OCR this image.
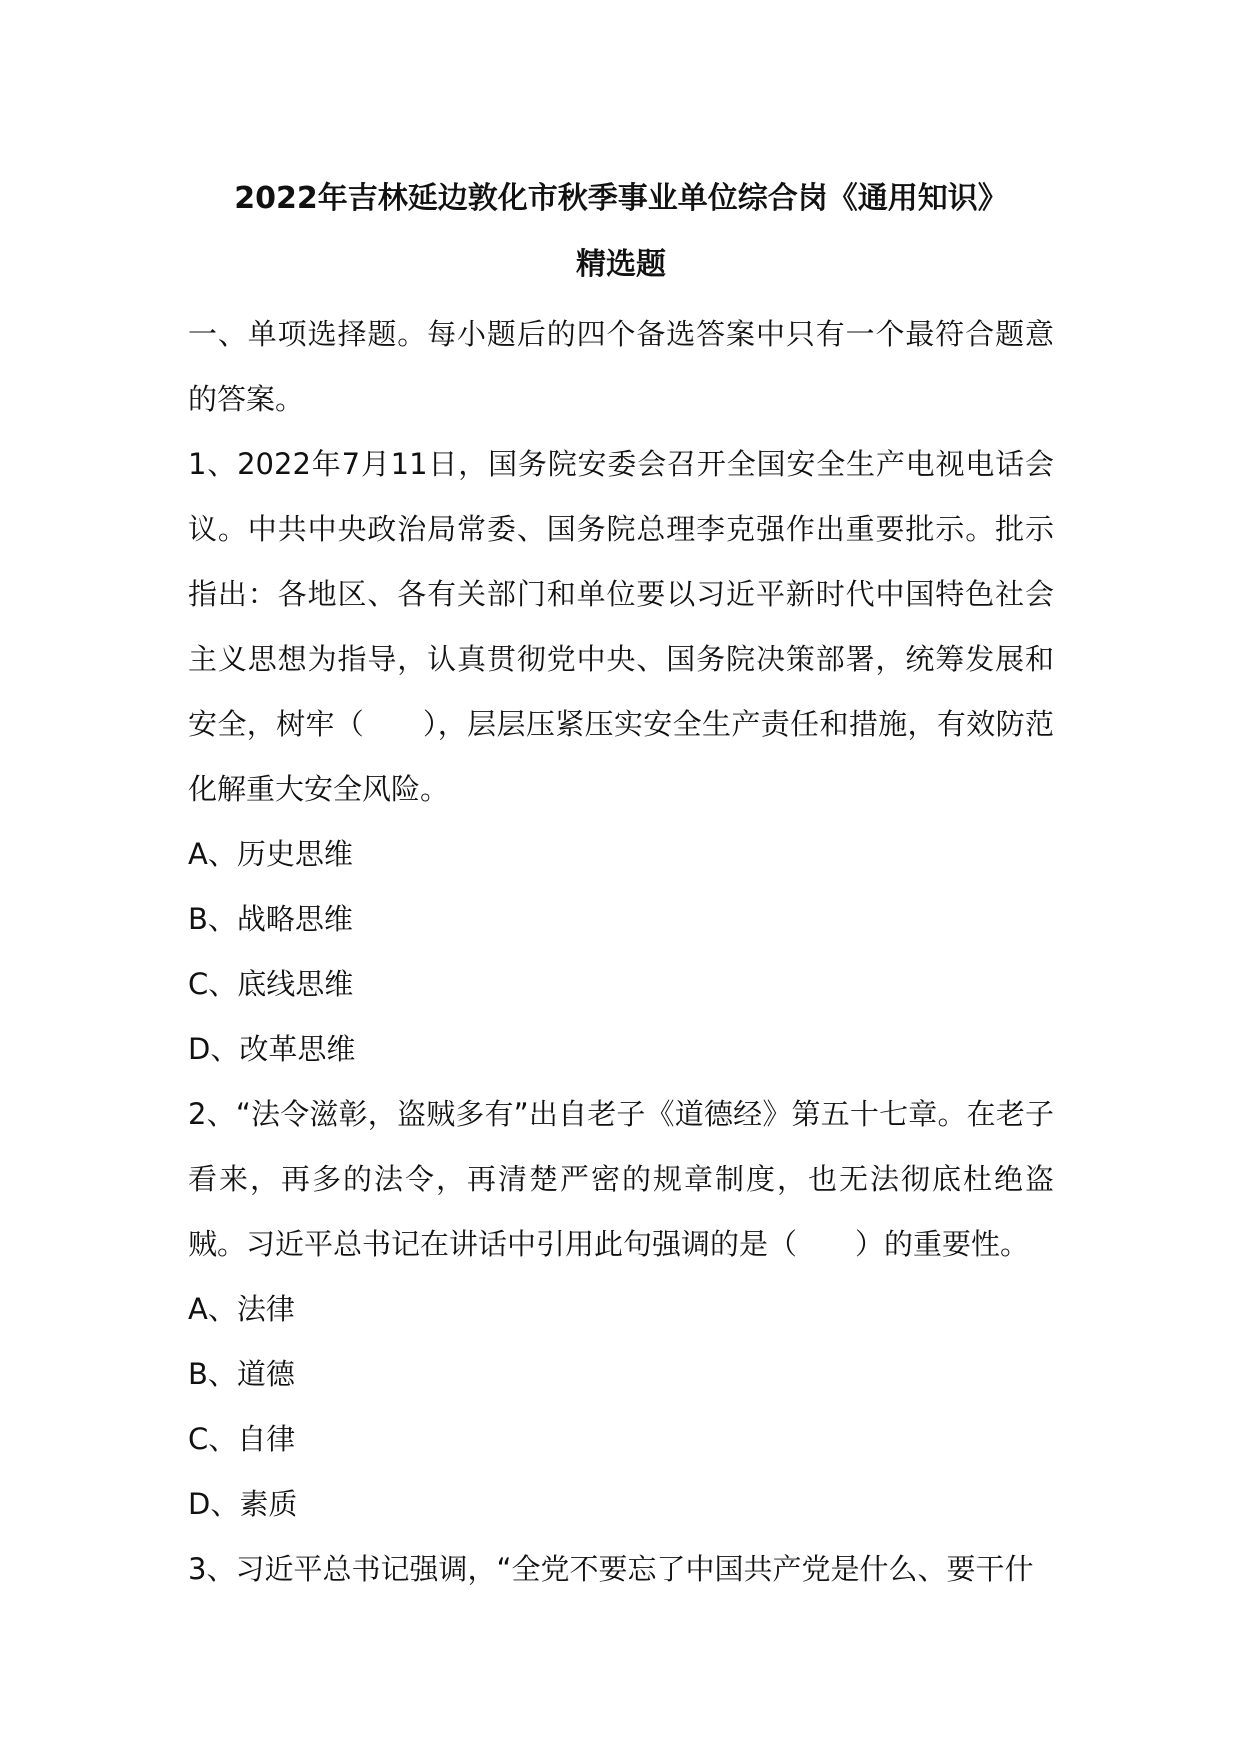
2022年吉林延边敦化市秋季事业单位综合岗《通用知识》
精选题

一、单项选择题。每小题后的四个备选答案中只有一个最符合题意的答案。

1、2022年7月11日，国务院安委会召开全国安全生产电视电话会议。中共中央政治局常委、国务院总理李克强作出重要批示。批示指出：各地区、各有关部门和单位要以习近平新时代中国特色社会主义思想为指导，认真贯彻党中央、国务院决策部署，统筹发展和安全，树牢（　　），层层压紧压实安全生产责任和措施，有效防范化解重大安全风险。

A、历史思维

B、战略思维

C、底线思维

D、改革思维

2、“法令滋彰，盗贼多有”出自老子《道德经》第五十七章。在老子看来，再多的法令，再清楚严密的规章制度，也无法彻底杜绝盗贼。习近平总书记在讲话中引用此句强调的是（　　）的重要性。

A、法律

B、道德

C、自律

D、素质

3、习近平总书记强调，“全党不要忘了中国共产党是什么、要干什
